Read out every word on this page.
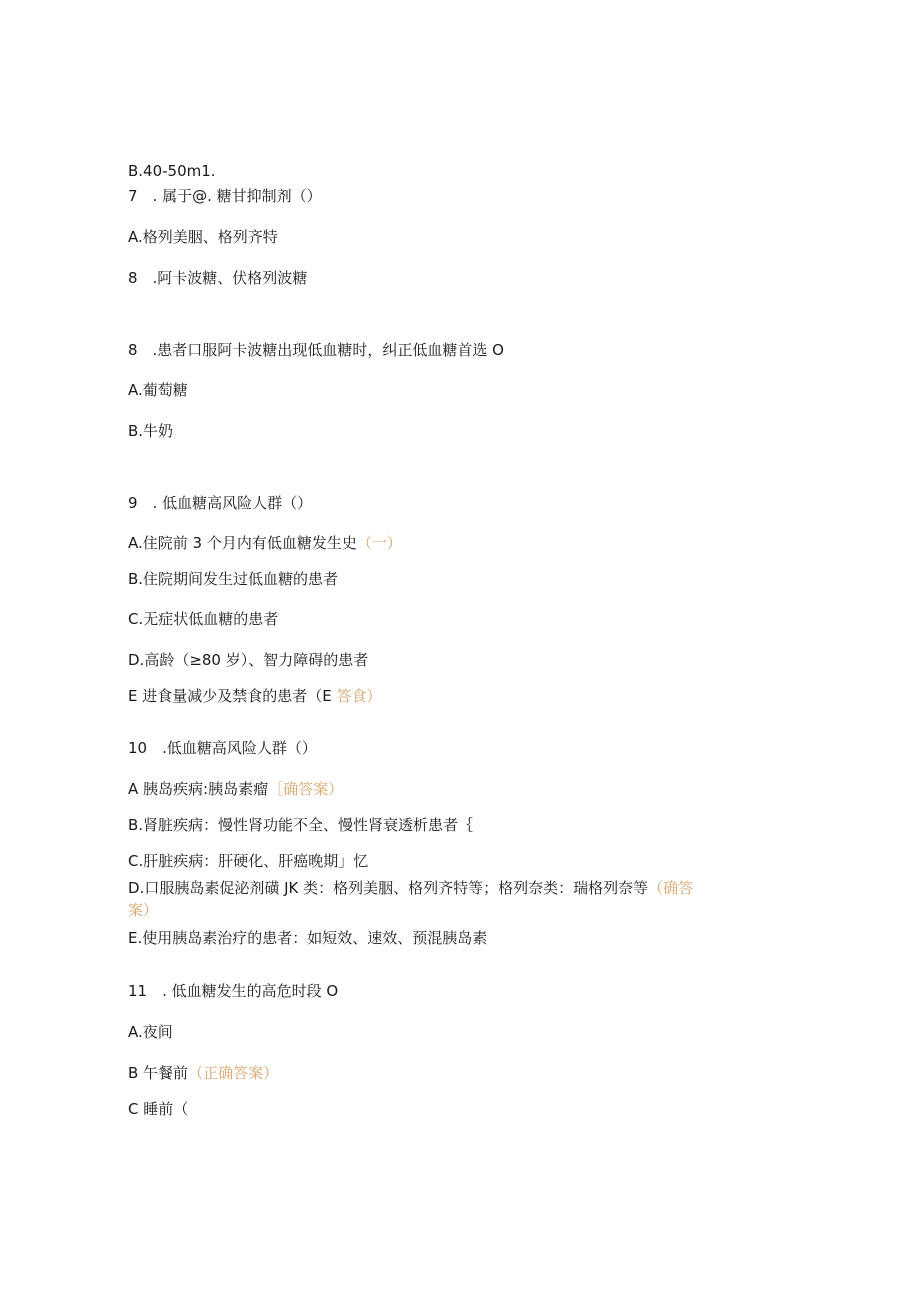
B.40-50m1.
7　. 属于@. 糖甘抑制剂（）
A.格列美胭、格列齐特
8　.阿卡波糖、伏格列波糖
8　.患者口服阿卡波糖出现低血糖时，纠正低血糖首选 O
A.葡萄糖
B.牛奶
9　. 低血糖高风险人群（）
A.住院前 3 个月内有低血糖发生史（一）
B.住院期间发生过低血糖的患者
C.无症状低血糖的患者
D.高龄（≥80 岁）、智力障碍的患者
E 进食量减少及禁食的患者（E 答食）
10　.低血糖高风险人群（）
A 胰岛疾病:胰岛素瘤［确答案）
B.肾脏疾病：慢性肾功能不全、慢性肾衰透析患者｛
C.肝脏疾病：肝硬化、肝癌晚期」忆
D.口服胰岛素促泌剂磺 JK 类：格列美胭、格列齐特等；格列奈类：瑞格列奈等（确答
案）
E.使用胰岛素治疗的患者：如短效、速效、预混胰岛素
11　. 低血糖发生的高危时段 O
A.夜间
B 午餐前（正确答案）
C 睡前（
